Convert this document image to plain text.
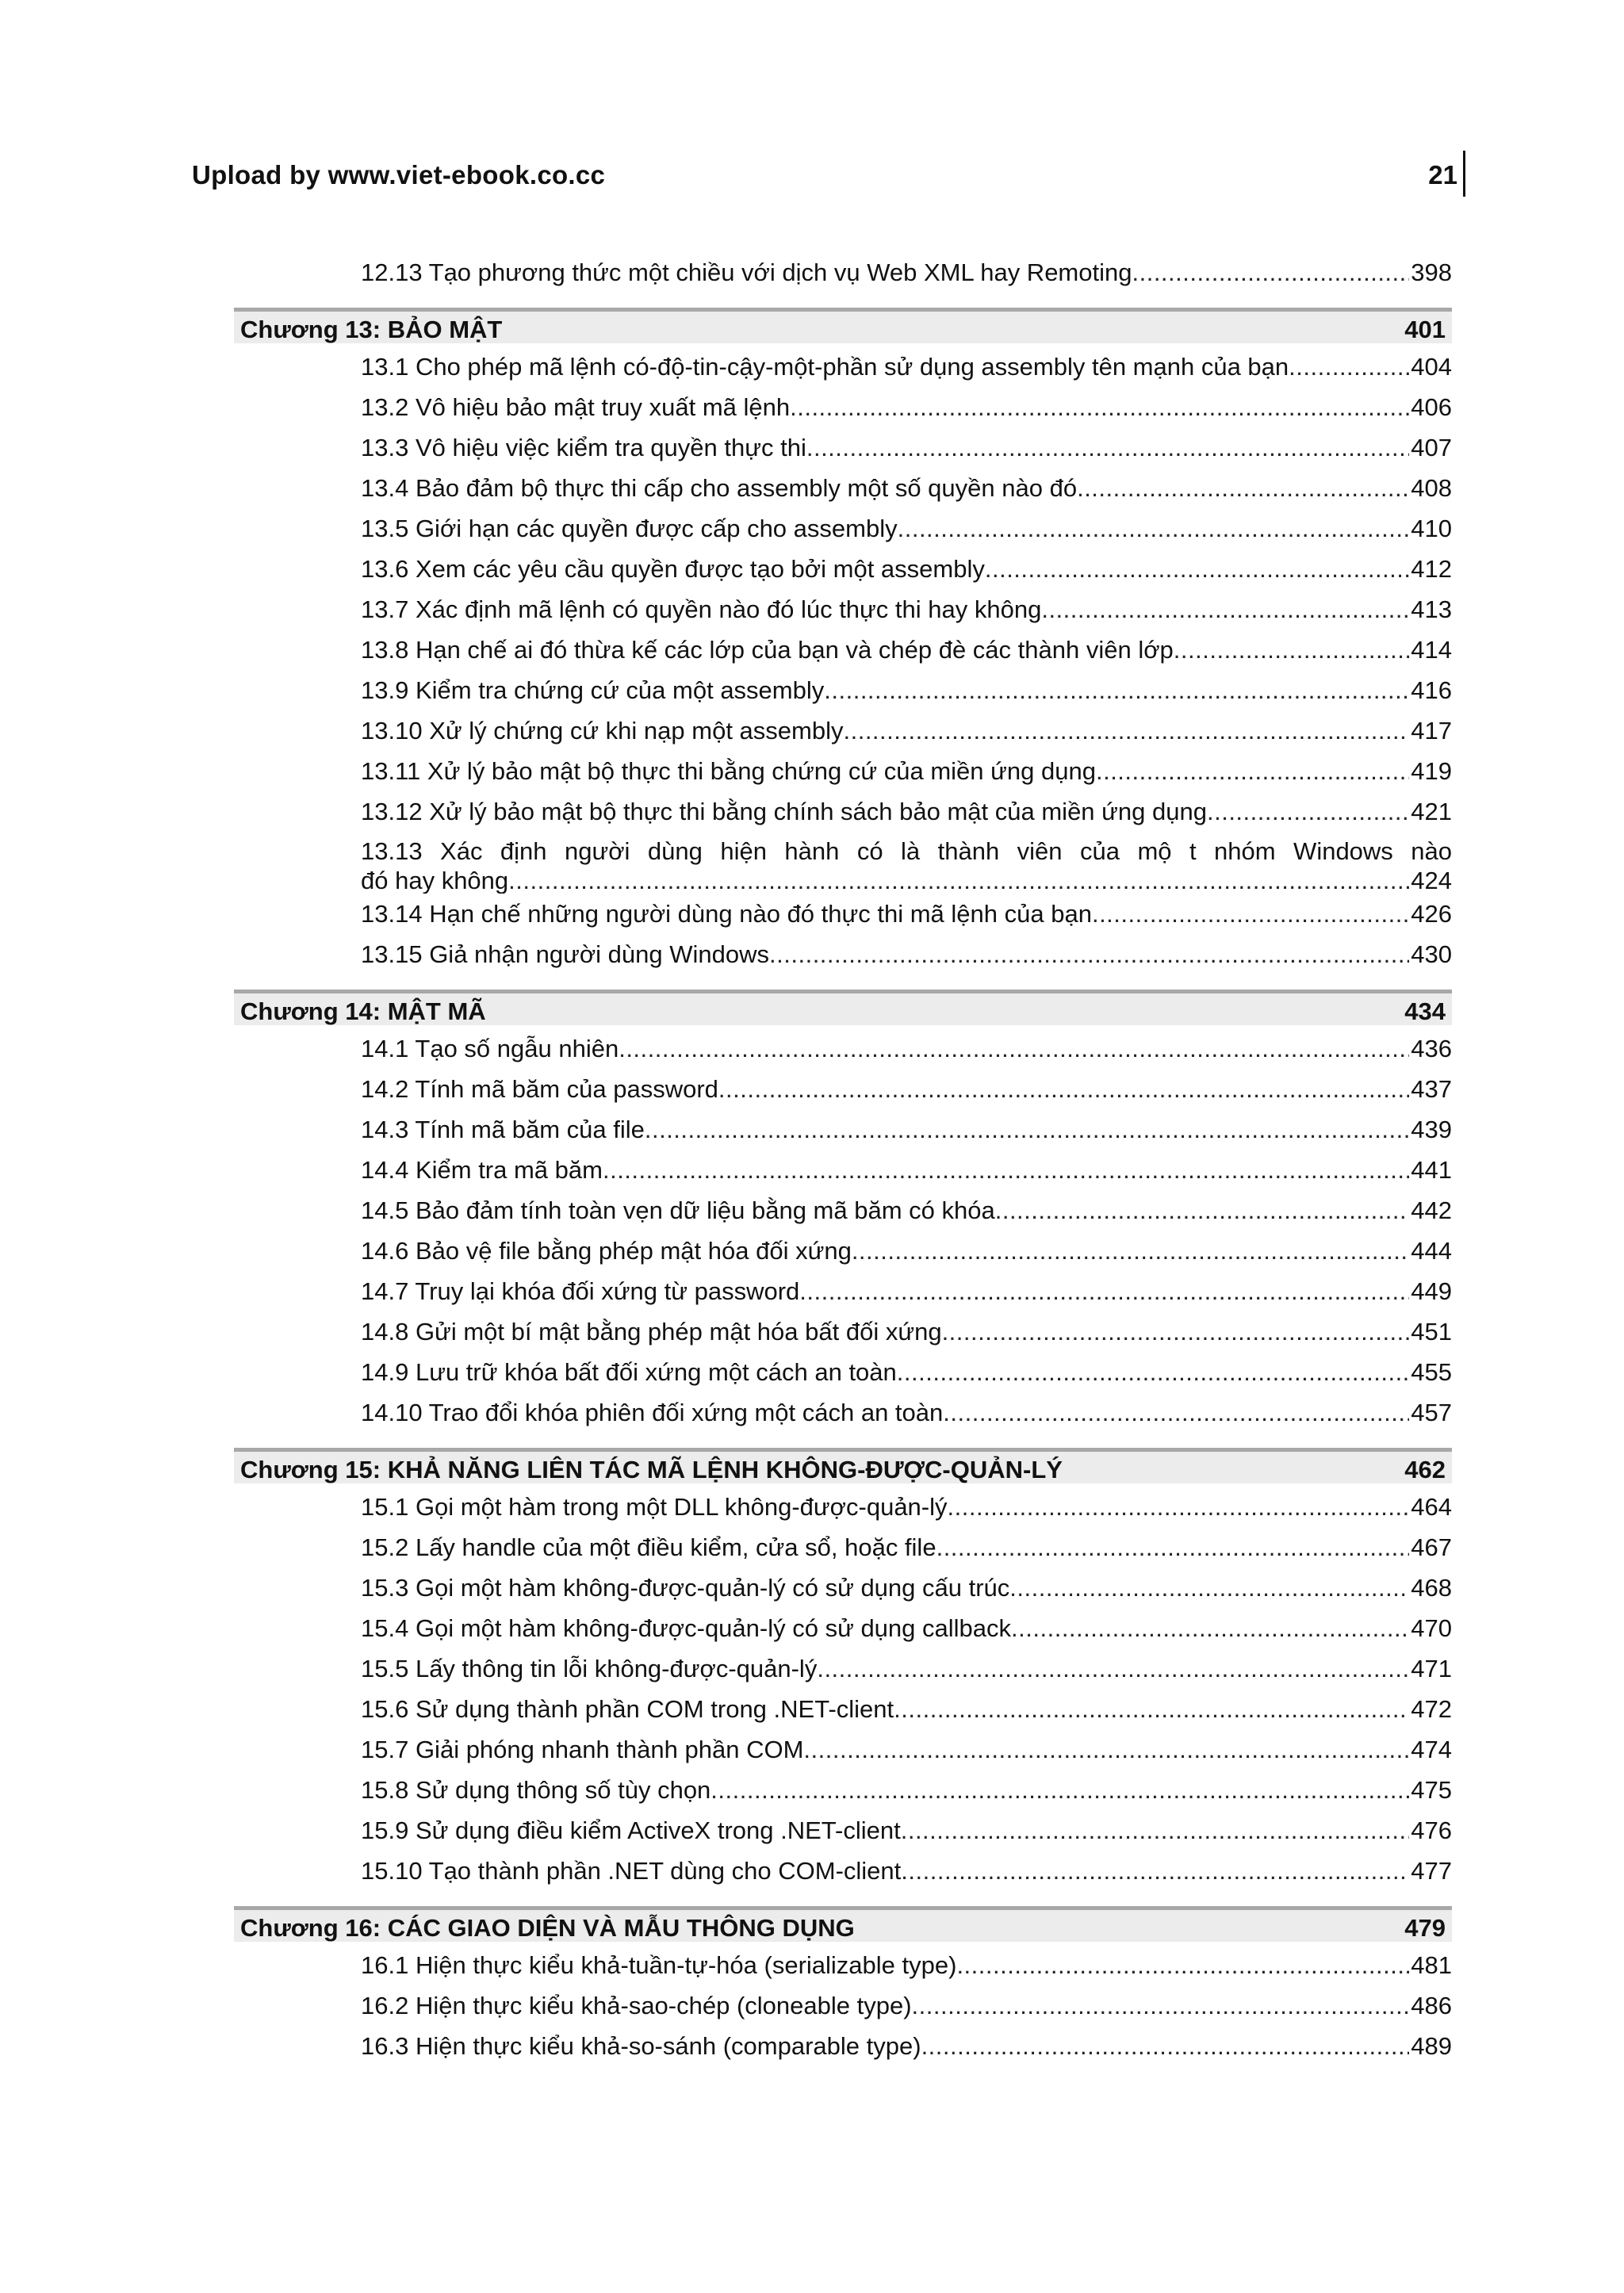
Upload by www.viet-ebook.co.cc	21
12.13 Tạo phương thức một chiều với dịch vụ Web XML hay Remoting .....	398
Chương 13: BẢO MẬT	401
13.1 Cho phép mã lệnh có-độ-tin-cậy-một-phần sử dụng assembly tên mạnh của bạn .....	404
13.2 Vô hiệu bảo mật truy xuất mã lệnh .....	406
13.3 Vô hiệu việc kiểm tra quyền thực thi .....	407
13.4 Bảo đảm bộ thực thi cấp cho assembly một số quyền nào đó .....	408
13.5 Giới hạn các quyền được cấp cho assembly .....	410
13.6 Xem các yêu cầu quyền được tạo bởi một assembly .....	412
13.7 Xác định mã lệnh có quyền nào đó lúc thực thi hay không .....	413
13.8 Hạn chế ai đó thừa kế các lớp của bạn và chép đè các thành viên lớp .....	414
13.9 Kiểm tra chứng cứ của một assembly .....	416
13.10 Xử lý chứng cứ khi nạp một assembly .....	417
13.11 Xử lý bảo mật bộ thực thi bằng chứng cứ của miền ứng dụng .....	419
13.12 Xử lý bảo mật bộ thực thi bằng chính sách bảo mật của miền ứng dụng .....	421
13.13 Xác định người dùng hiện hành có là thành viên của mộ t nhóm Windows nào
đó hay không .....	424
13.14 Hạn chế những người dùng nào đó thực thi mã lệnh của bạn .....	426
13.15 Giả nhận người dùng Windows .....	430
Chương 14: MẬT MÃ	434
14.1 Tạo số ngẫu nhiên .....	436
14.2 Tính mã băm của password .....	437
14.3 Tính mã băm của file .....	439
14.4 Kiểm tra mã băm .....	441
14.5 Bảo đảm tính toàn vẹn dữ liệu bằng mã băm có khóa .....	442
14.6 Bảo vệ file bằng phép mật hóa đối xứng .....	444
14.7 Truy lại khóa đối xứng từ password .....	449
14.8 Gửi một bí mật bằng phép mật hóa bất đối xứng .....	451
14.9 Lưu trữ khóa bất đối xứng một cách an toàn .....	455
14.10 Trao đổi khóa phiên đối xứng một cách an toàn .....	457
Chương 15: KHẢ NĂNG LIÊN TÁC MÃ LỆNH KHÔNG-ĐƯỢC-QUẢN-LÝ	462
15.1 Gọi một hàm trong một DLL không-được-quản-lý .....	464
15.2 Lấy handle của một điều kiểm, cửa sổ, hoặc file .....	467
15.3 Gọi một hàm không-được-quản-lý có sử dụng cấu trúc .....	468
15.4 Gọi một hàm không-được-quản-lý có sử dụng callback .....	470
15.5 Lấy thông tin lỗi không-được-quản-lý .....	471
15.6 Sử dụng thành phần COM trong .NET-client .....	472
15.7 Giải phóng nhanh thành phần COM .....	474
15.8 Sử dụng thông số tùy chọn .....	475
15.9 Sử dụng điều kiểm ActiveX trong .NET-client .....	476
15.10 Tạo thành phần .NET dùng cho COM-client .....	477
Chương 16: CÁC GIAO DIỆN VÀ MẪU THÔNG DỤNG	479
16.1 Hiện thực kiểu khả-tuần-tự-hóa (serializable type) .....	481
16.2 Hiện thực kiểu khả-sao-chép (cloneable type) .....	486
16.3 Hiện thực kiểu khả-so-sánh (comparable type) .....	489
